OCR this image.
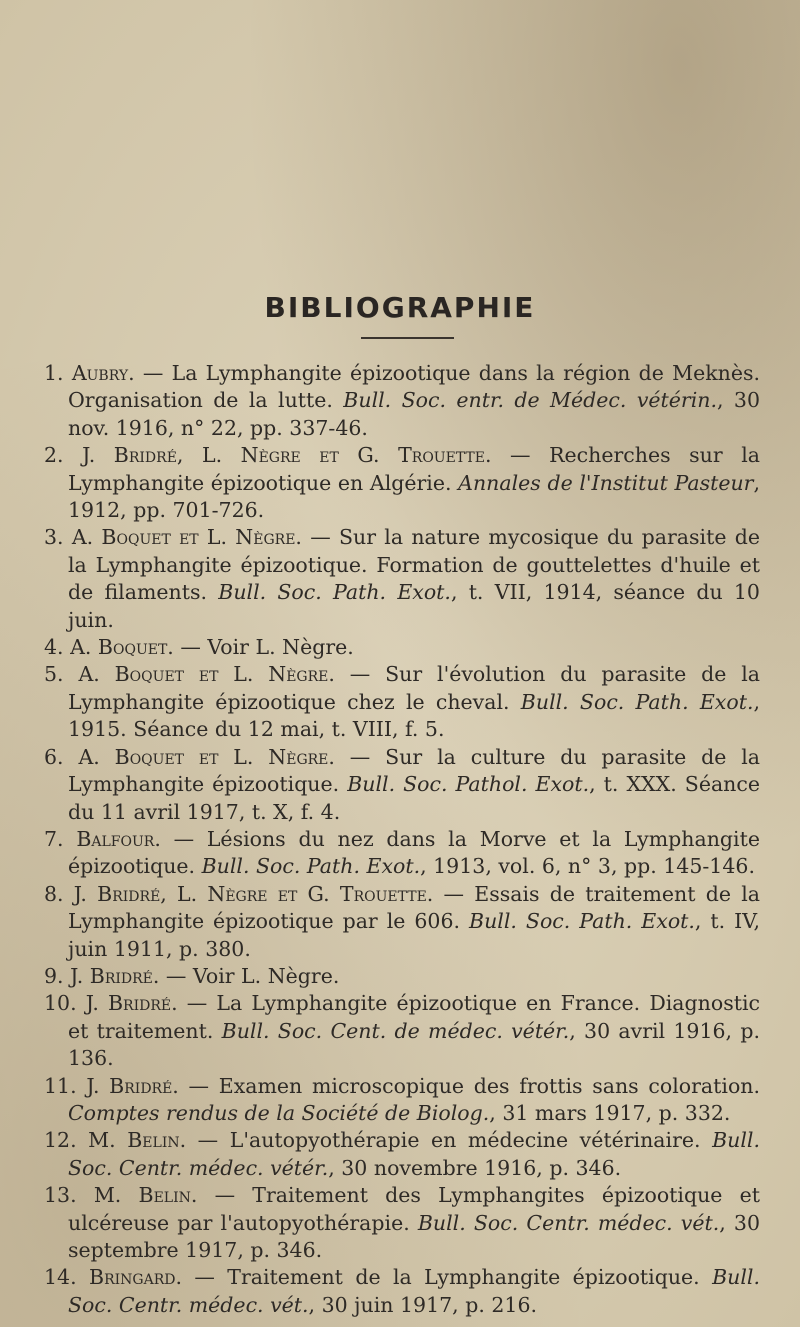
BIBLIOGRAPHIE
1. Aubry. — La Lymphangite épizootique dans la région de Meknès. Organisation de la lutte. Bull. Soc. entr. de Médec. vétérin., 30 nov. 1916, n° 22, pp. 337-46.
2. J. Bridré, L. Nègre et G. Trouette. — Recherches sur la Lymphangite épizootique en Algérie. Annales de l'Institut Pasteur, 1912, pp. 701-726.
3. A. Boquet et L. Nègre. — Sur la nature mycosique du parasite de la Lymphangite épizootique. Formation de gouttelettes d'huile et de filaments. Bull. Soc. Path. Exot., t. VII, 1914, séance du 10 juin.
4. A. Boquet. — Voir L. Nègre.
5. A. Boquet et L. Nègre. — Sur l'évolution du parasite de la Lymphangite épizootique chez le cheval. Bull. Soc. Path. Exot., 1915. Séance du 12 mai, t. VIII, f. 5.
6. A. Boquet et L. Nègre. — Sur la culture du parasite de la Lymphangite épizootique. Bull. Soc. Pathol. Exot., t. XXX. Séance du 11 avril 1917, t. X, f. 4.
7. Balfour. — Lésions du nez dans la Morve et la Lymphangite épizootique. Bull. Soc. Path. Exot., 1913, vol. 6, n° 3, pp. 145-146.
8. J. Bridré, L. Nègre et G. Trouette. — Essais de traitement de la Lymphangite épizootique par le 606. Bull. Soc. Path. Exot., t. IV, juin 1911, p. 380.
9. J. Bridré. — Voir L. Nègre.
10. J. Bridré. — La Lymphangite épizootique en France. Diagnostic et traitement. Bull. Soc. Cent. de médec. vétér., 30 avril 1916, p. 136.
11. J. Bridré. — Examen microscopique des frottis sans coloration. Comptes rendus de la Société de Biolog., 31 mars 1917, p. 332.
12. M. Belin. — L'autopyothérapie en médecine vétérinaire. Bull. Soc. Centr. médec. vétér., 30 novembre 1916, p. 346.
13. M. Belin. — Traitement des Lymphangites épizootique et ulcéreuse par l'autopyothérapie. Bull. Soc. Centr. médec. vét., 30 septembre 1917, p. 346.
14. Bringard. — Traitement de la Lymphangite épizootique. Bull. Soc. Centr. médec. vét., 30 juin 1917, p. 216.
